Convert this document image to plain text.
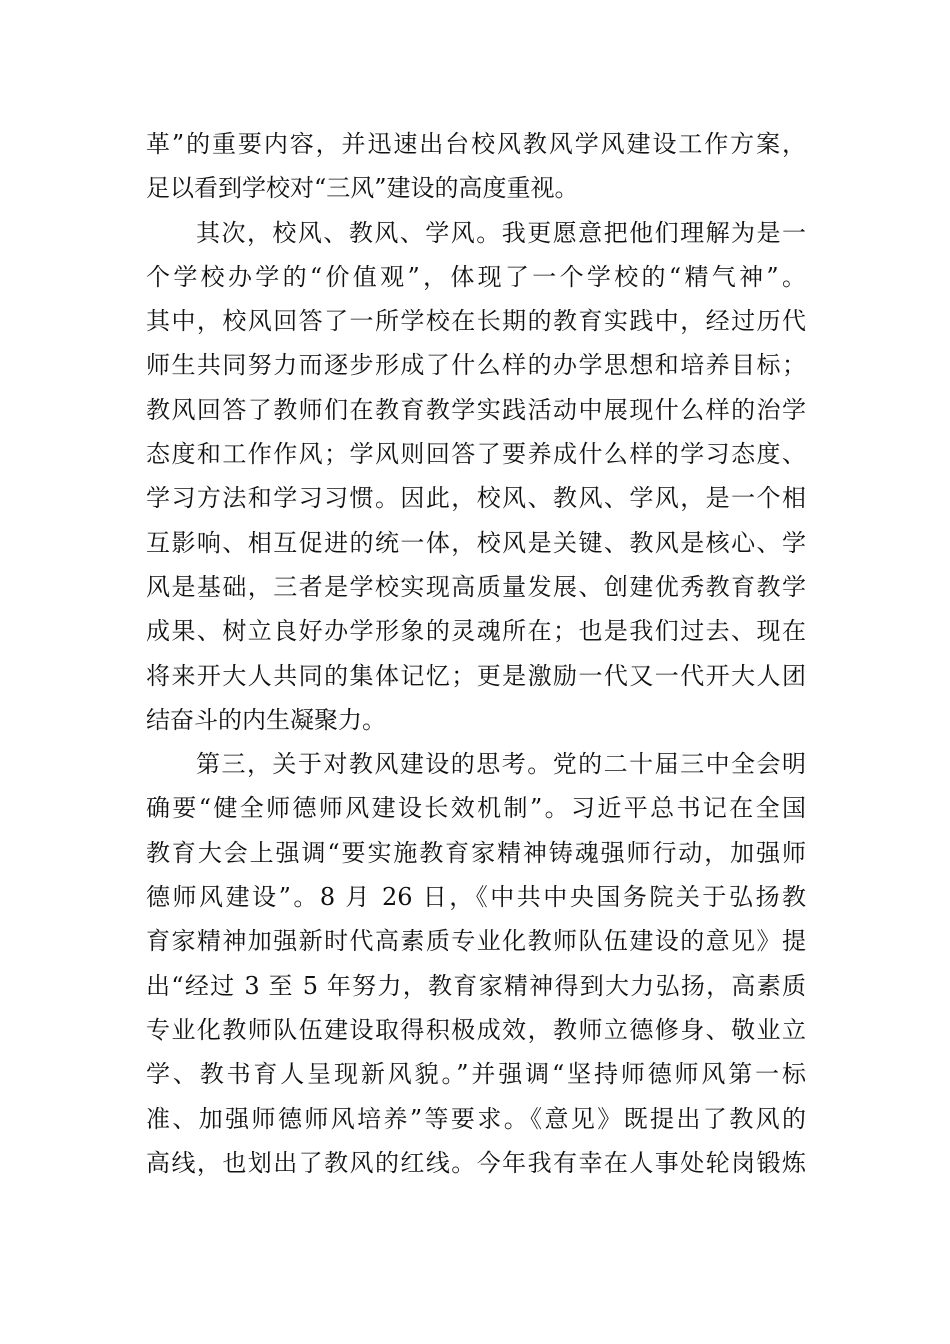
革”的重要内容，并迅速出台校风教风学风建设工作方案，
足以看到学校对“三风”建设的高度重视。
其次，校风、教风、学风。我更愿意把他们理解为是一
个学校办学的“价值观”，体现了一个学校的“精气神”。
其中，校风回答了一所学校在长期的教育实践中，经过历代
师生共同努力而逐步形成了什么样的办学思想和培养目标；
教风回答了教师们在教育教学实践活动中展现什么样的治学
态度和工作作风；学风则回答了要养成什么样的学习态度、
学习方法和学习习惯。因此，校风、教风、学风，是一个相
互影响、相互促进的统一体，校风是关键、教风是核心、学
风是基础，三者是学校实现高质量发展、创建优秀教育教学
成果、树立良好办学形象的灵魂所在；也是我们过去、现在
将来开大人共同的集体记忆；更是激励一代又一代开大人团
结奋斗的内生凝聚力。
第三，关于对教风建设的思考。党的二十届三中全会明
确要“健全师德师风建设长效机制”。习近平总书记在全国
教育大会上强调“要实施教育家精神铸魂强师行动，加强师
德师风建设”。8 月 26 日，《中共中央国务院关于弘扬教
育家精神加强新时代高素质专业化教师队伍建设的意见》提
出“经过 3 至 5 年努力，教育家精神得到大力弘扬，高素质
专业化教师队伍建设取得积极成效，教师立德修身、敬业立
学、教书育人呈现新风貌。”并强调“坚持师德师风第一标
准、加强师德师风培养”等要求。《意见》既提出了教风的
高线，也划出了教风的红线。今年我有幸在人事处轮岗锻炼
